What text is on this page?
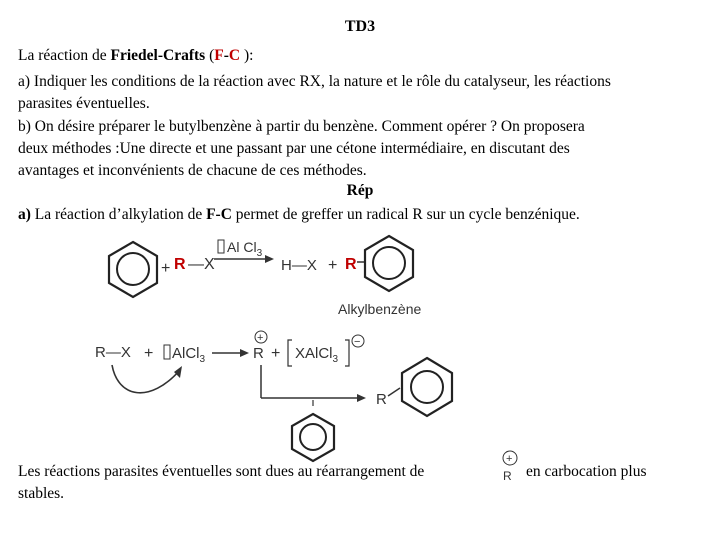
TD3
La réaction de Friedel-Crafts (F-C ):
a) Indiquer les conditions de la réaction avec RX, la nature et le rôle du catalyseur, les réactions
parasites éventuelles.
b) On désire préparer le butylbenzène à partir du benzène. Comment opérer ? On proposera
deux méthodes :Une directe et une passant par une cétone intermédiaire, en discutant des
avantages et inconvénients de chacune de ces méthodes.
Rép
a) La réaction d’alkylation de F-C permet de greffer un radical R sur un cycle benzénique.
+ R —X
Al $Cl_3$
H—X + R
Alkylbenzène
R—X + AlCl$_3$
+
R + XAlCl$_3$
−
R
+
R
Les réactions parasites éventuelles sont dues au réarrangement de	en carbocation plus
stables.
